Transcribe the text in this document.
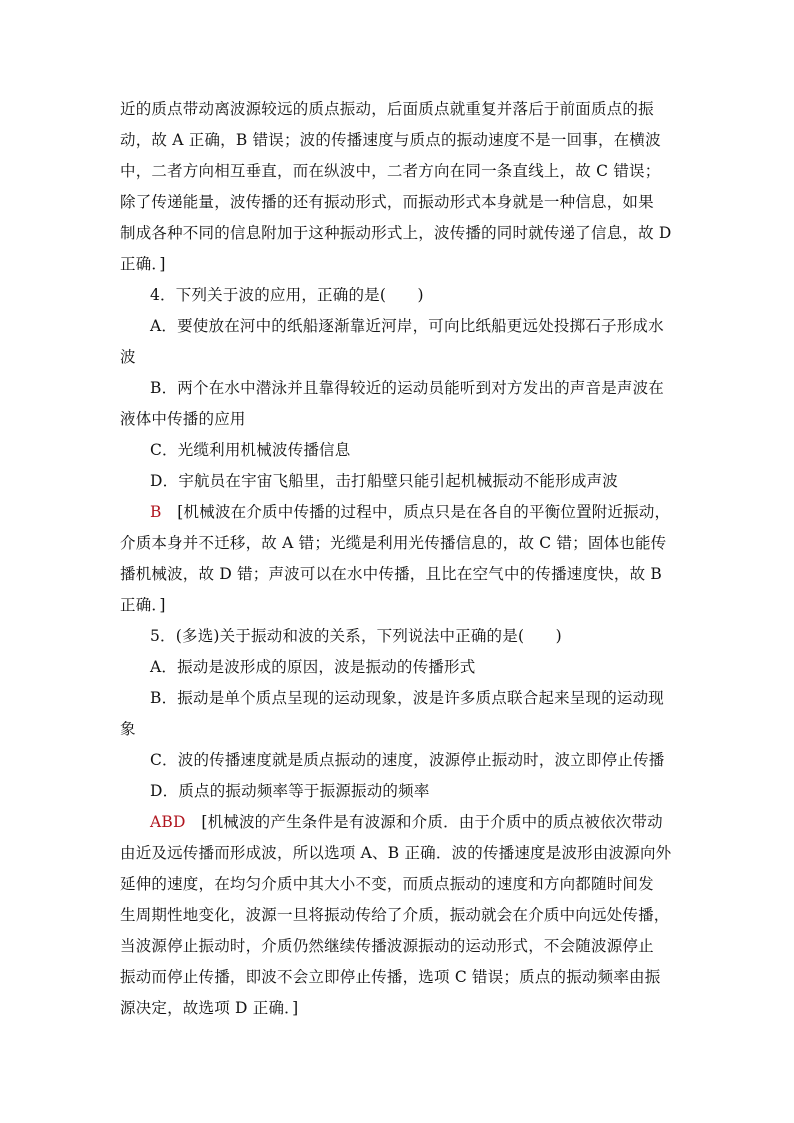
近的质点带动离波源较远的质点振动，后面质点就重复并落后于前面质点的振
动，故 A 正确，B 错误；波的传播速度与质点的振动速度不是一回事，在横波
中，二者方向相互垂直，而在纵波中，二者方向在同一条直线上，故 C 错误；
除了传递能量，波传播的还有振动形式，而振动形式本身就是一种信息，如果
制成各种不同的信息附加于这种振动形式上，波传播的同时就传递了信息，故 D
正确．]
4．下列关于波的应用，正确的是(　　)
A．要使放在河中的纸船逐渐靠近河岸，可向比纸船更远处投掷石子形成水
波
B．两个在水中潜泳并且靠得较近的运动员能听到对方发出的声音是声波在
液体中传播的应用
C．光缆利用机械波传播信息
D．宇航员在宇宙飞船里，击打船壁只能引起机械振动不能形成声波
B　[机械波在介质中传播的过程中，质点只是在各自的平衡位置附近振动，
介质本身并不迁移，故 A 错；光缆是利用光传播信息的，故 C 错；固体也能传
播机械波，故 D 错；声波可以在水中传播，且比在空气中的传播速度快，故 B
正确．]
5．(多选)关于振动和波的关系，下列说法中正确的是(　　)
A．振动是波形成的原因，波是振动的传播形式
B．振动是单个质点呈现的运动现象，波是许多质点联合起来呈现的运动现
象
C．波的传播速度就是质点振动的速度，波源停止振动时，波立即停止传播
D．质点的振动频率等于振源振动的频率
ABD　[机械波的产生条件是有波源和介质．由于介质中的质点被依次带动
由近及远传播而形成波，所以选项 A、B 正确．波的传播速度是波形由波源向外
延伸的速度，在均匀介质中其大小不变，而质点振动的速度和方向都随时间发
生周期性地变化，波源一旦将振动传给了介质，振动就会在介质中向远处传播，
当波源停止振动时，介质仍然继续传播波源振动的运动形式，不会随波源停止
振动而停止传播，即波不会立即停止传播，选项 C 错误；质点的振动频率由振
源决定，故选项 D 正确．]
